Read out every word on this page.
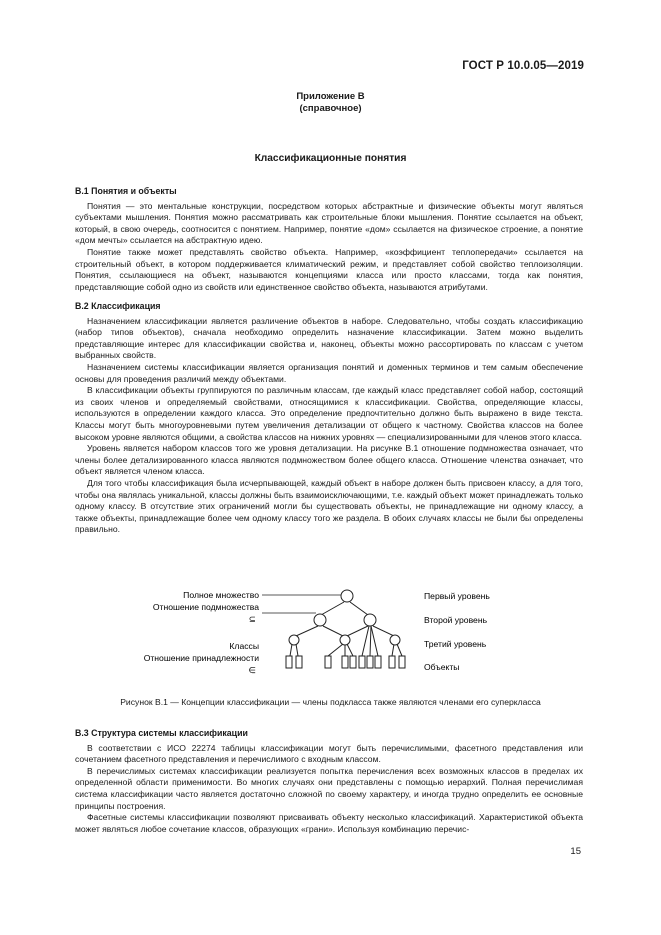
ГОСТ Р 10.0.05—2019
Приложение В
(справочное)
Классификационные понятия
В.1 Понятия и объекты

Понятия — это ментальные конструкции, посредством которых абстрактные и физические объекты могут являться субъектами мышления. Понятия можно рассматривать как строительные блоки мышления. Понятие ссылается на объект, который, в свою очередь, соотносится с понятием. Например, понятие «дом» ссылается на физическое строение, а понятие «дом мечты» ссылается на абстрактную идею.

Понятие также может представлять свойство объекта. Например, «коэффициент теплопередачи» ссылается на строительный объект, в котором поддерживается климатический режим, и представляет собой свойство теплоизоляции. Понятия, ссылающиеся на объект, называются концепциями класса или просто классами, тогда как понятия, представляющие собой одно из свойств или единственное свойство объекта, называются атрибутами.

В.2 Классификация

Назначением классификации является различение объектов в наборе. Следовательно, чтобы создать классификацию (набор типов объектов), сначала необходимо определить назначение классификации. Затем можно выделить представляющие интерес для классификации свойства и, наконец, объекты можно рассортировать по классам с учетом выбранных свойств.

Назначением системы классификации является организация понятий и доменных терминов и тем самым обеспечение основы для проведения различий между объектами.

В классификации объекты группируются по различным классам, где каждый класс представляет собой набор, состоящий из своих членов и определяемый свойствами, относящимися к классификации. Свойства, определяющие классы, используются в определении каждого класса. Это определение предпочтительно должно быть выражено в виде текста. Классы могут быть многоуровневыми путем увеличения детализации от общего к частному. Свойства классов на более высоком уровне являются общими, а свойства классов на нижних уровнях — специализированными для членов этого класса.

Уровень является набором классов того же уровня детализации. На рисунке В.1 отношение подмножества означает, что члены более детализированного класса являются подмножеством более общего класса. Отношение членства означает, что объект является членом класса.

Для того чтобы классификация была исчерпывающей, каждый объект в наборе должен быть присвоен классу, а для того, чтобы она являлась уникальной, классы должны быть взаимоисключающими, т.е. каждый объект может принадлежать только одному классу. В отсутствие этих ограничений могли бы существовать объекты, не принадлежащие ни одному классу, а также объекты, принадлежащие более чем одному классу того же раздела. В обоих случаях классы не были бы определены правильно.

Полное множество
Отношение подмножества
⊆
Классы
Отношение принадлежности
∈
Первый уровень
Второй уровень
Третий уровень
Объекты
Рисунок В.1 — Концепции классификации — члены подкласса также являются членами его суперкласса
В.3 Структура системы классификации

В соответствии с ИСО 22274 таблицы классификации могут быть перечислимыми, фасетного представления или сочетанием фасетного представления и перечислимого с входным классом.

В перечислимых системах классификации реализуется попытка перечисления всех возможных классов в пределах их определенной области применимости. Во многих случаях они представлены с помощью иерархий. Полная перечислимая система классификации часто является достаточно сложной по своему характеру, и иногда трудно определить ее основные принципы построения.

Фасетные системы классификации позволяют присваивать объекту несколько классификаций. Характеристикой объекта может являться любое сочетание классов, образующих «грани». Используя комбинацию перечис-

15
